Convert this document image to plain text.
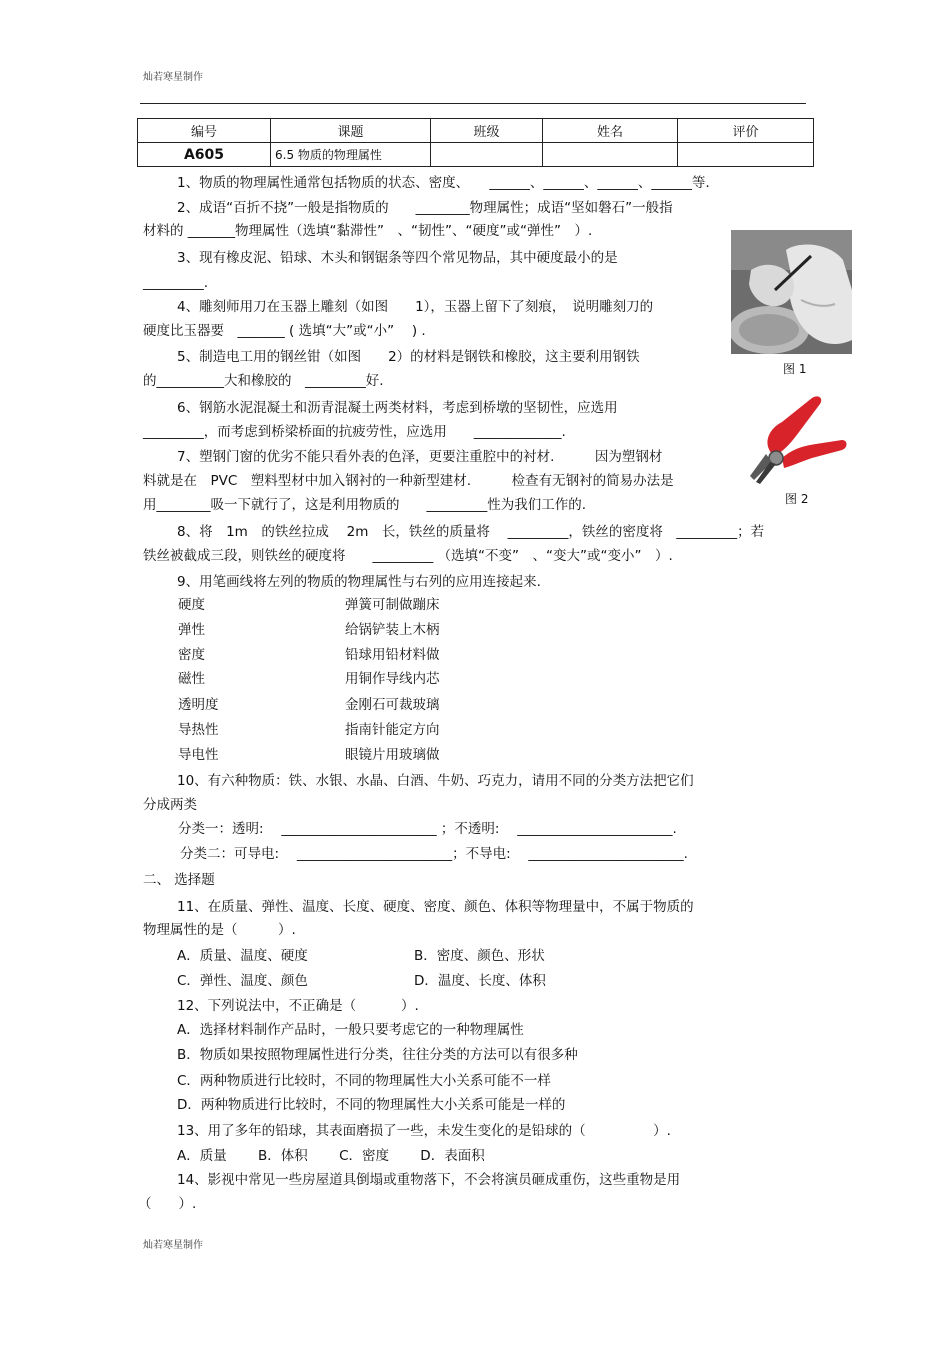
灿若寒星制作
编号	课题	班级	姓名	评价
A605	6.5 物质的物理属性			
1、物质的物理属性通常包括物质的状态、密度、　　______、______、______、______等.
2、成语“百折不挠”一般是指物质的　　________物理属性；成语“坚如磐石”一般指
材料的 _______物理属性（选填“黏滞性”　、“韧性”、“硬度”或“弹性”　）.
3、现有橡皮泥、铅球、木头和钢锯条等四个常见物品，其中硬度最小的是
_________.
4、雕刻师用刀在玉器上雕刻（如图　　1），玉器上留下了刻痕，　说明雕刻刀的
硬度比玉器要　_______ ( 选填“大”或“小”　 ) .
5、制造电工用的钢丝钳（如图　　2）的材料是钢铁和橡胶，这主要利用钢铁
的__________大和橡胶的　_________好.
6、钢筋水泥混凝土和沥青混凝土两类材料，考虑到桥墩的坚韧性，应选用
_________，而考虑到桥梁桥面的抗疲劳性，应选用　　_____________.
7、塑钢门窗的优劣不能只看外表的色泽，更要注重腔中的衬材.　　　因为塑钢材
料就是在　PVC　塑料型材中加入钢衬的一种新型建材.　　　检查有无钢衬的简易办法是
用________吸一下就行了，这是利用物质的　　_________性为我们工作的.
8、将　1m　的铁丝拉成　 2m　长，铁丝的质量将　 _________，铁丝的密度将　_________；若
铁丝被截成三段，则铁丝的硬度将　　_________ （选填“不变”　、“变大”或“变小”　）.
9、用笔画线将左列的物质的物理属性与右列的应用连接起来.
硬度	弹簧可制做蹦床
弹性	给锅铲装上木柄
密度	铅球用铅材料做
磁性	用铜作导线内芯
透明度	金刚石可裁玻璃
导热性	指南针能定方向
导电性	眼镜片用玻璃做
10、有六种物质：铁、水银、水晶、白酒、牛奶、巧克力，请用不同的分类方法把它们
分成两类
分类一：透明:　 _______________________ ；不透明:　 _______________________.
分类二：可导电:　 _______________________；不导电:　 _______________________.
二、 选择题
11、在质量、弹性、温度、长度、硬度、密度、颜色、体积等物理量中，不属于物质的
物理属性的是（　　　）.
A．质量、温度、硬度	B．密度、颜色、形状
C．弹性、温度、颜色	D．温度、长度、体积
12、下列说法中，不正确是（　　　 ）.
A．选择材料制作产品时，一般只要考虑它的一种物理属性
B．物质如果按照物理属性进行分类，往往分类的方法可以有很多种
C．两种物质进行比较时，不同的物理属性大小关系可能不一样
D．两种物质进行比较时，不同的物理属性大小关系可能是一样的
13、用了多年的铅球，其表面磨损了一些，未发生变化的是铅球的（　　　　　）.
A．质量　　 B．体积　　 C．密度　　 D．表面积
14、影视中常见一些房屋道具倒塌或重物落下，不会将演员砸成重伤，这些重物是用
（　　）.
图 1
图 2
灿若寒星制作
